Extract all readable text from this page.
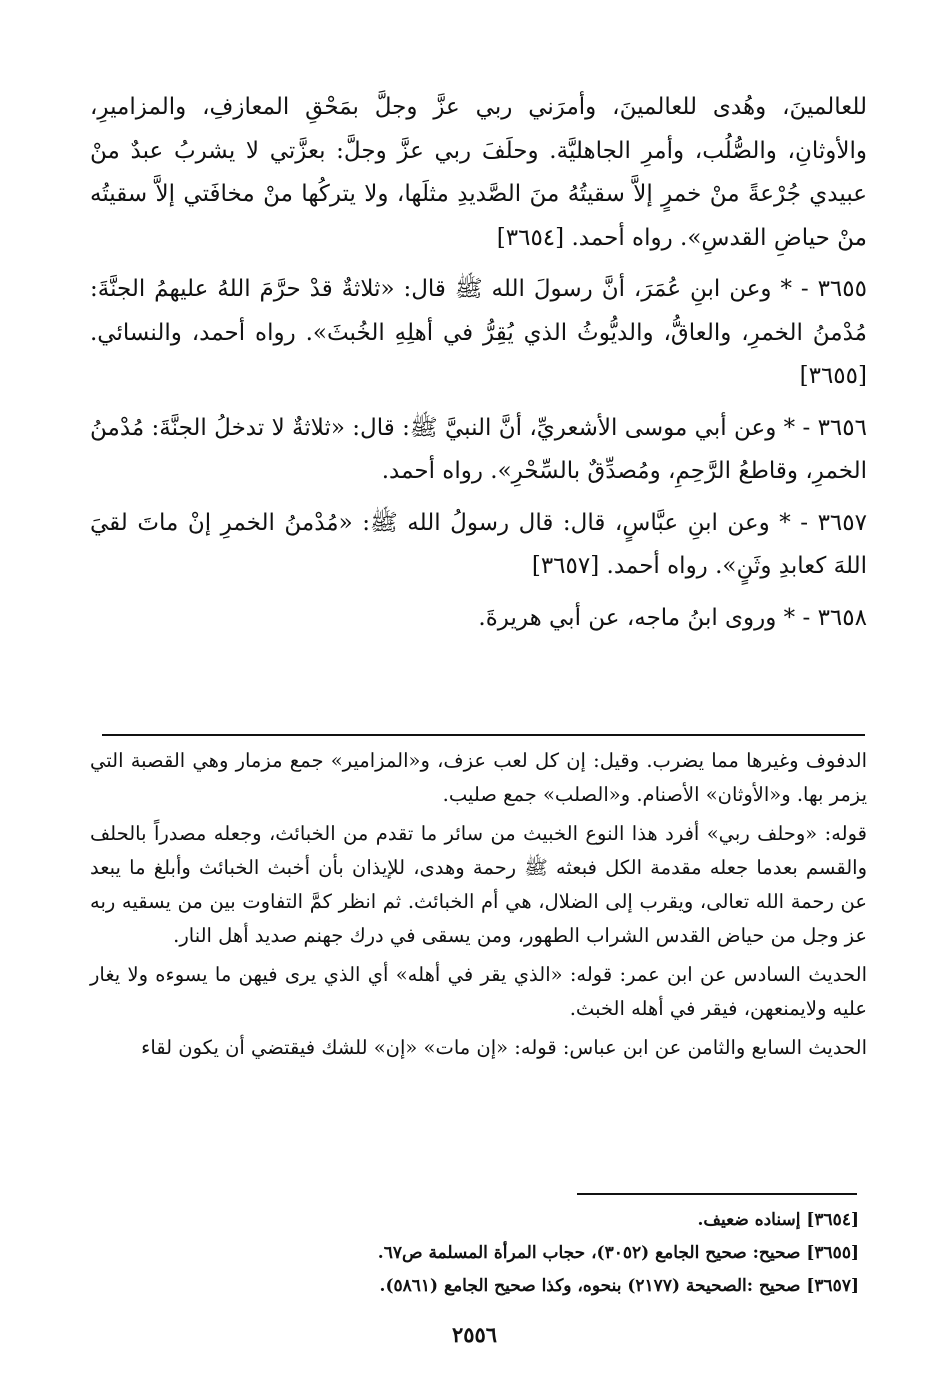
للعالمينَ، وهُدى للعالمينَ، وأمرَني ربي عزَّ وجلَّ بمَحْقِ المعازفِ، والمزاميرِ، والأوثانِ، والصُّلُب، وأمرِ الجاهليَّة. وحلَفَ ربي عزَّ وجلَّ: بعزَّتي لا يشربُ عبدٌ منْ عبيدي جُرْعةً منْ خمرٍ إلاَّ سقيتُهُ منَ الصَّديدِ مثلَها، ولا يتركُها منْ مخافَتي إلاَّ سقيتُه منْ حياضِ القدسِ». رواه أحمد. [٣٦٥٤]

٣٦٥٥ - * وعن ابنِ عُمَرَ، أنَّ رسولَ الله ﷺ قال: «ثلاثةٌ قدْ حرَّمَ اللهُ عليهمُ الجنَّةَ: مُدْمنُ الخمرِ، والعاقُّ، والديُّوثُ الذي يُقِرُّ في أهلِهِ الخُبثَ». رواه أحمد، والنسائي. [٣٦٥٥]

٣٦٥٦ - * وعن أبي موسى الأشعريِّ، أنَّ النبيَّ ﷺ: قال: «ثلاثةٌ لا تدخلُ الجنَّةَ: مُدْمنُ الخمرِ، وقاطعُ الرَّحِمِ، ومُصدِّقٌ بالسِّحْرِ». رواه أحمد.

٣٦٥٧ - * وعن ابنِ عبَّاسٍ، قال: قال رسولُ الله ﷺ: «مُدْمنُ الخمرِ إنْ ماتَ لقيَ اللهَ كعابدِ وثَنٍ». رواه أحمد. [٣٦٥٧]

٣٦٥٨ - * وروى ابنُ ماجه، عن أبي هريرةَ.

الدفوف وغيرها مما يضرب. وقيل: إن كل لعب عزف، و«المزامير» جمع مزمار وهي القصبة التي يزمر بها. و«الأوثان» الأصنام. و«الصلب» جمع صليب.

قوله: «وحلف ربي» أفرد هذا النوع الخبيث من سائر ما تقدم من الخبائث، وجعله مصدراً بالحلف والقسم بعدما جعله مقدمة الكل فبعثه ﷺ رحمة وهدى، للإيذان بأن أخبث الخبائث وأبلغ ما يبعد عن رحمة الله تعالى، ويقرب إلى الضلال، هي أم الخبائث. ثم انظر كمَّ التفاوت بين من يسقيه ربه عز وجل من حياض القدس الشراب الطهور، ومن يسقى في درك جهنم صديد أهل النار.

الحديث السادس عن ابن عمر: قوله: «الذي يقر في أهله» أي الذي يرى فيهن ما يسوءه ولا يغار عليه ولايمنعهن، فيقر في أهله الخبث.

الحديث السابع والثامن عن ابن عباس: قوله: «إن مات» «إن» للشك فيقتضي أن يكون لقاء

[٣٦٥٤] إسناده ضعيف.

[٣٦٥٥] صحيح: صحيح الجامع (٣٠٥٢)، حجاب المرأة المسلمة ص٦٧.

[٣٦٥٧] صحيح :الصحيحة (٢١٧٧) بنحوه، وكذا صحيح الجامع (٥٨٦١).

٢٥٥٦
